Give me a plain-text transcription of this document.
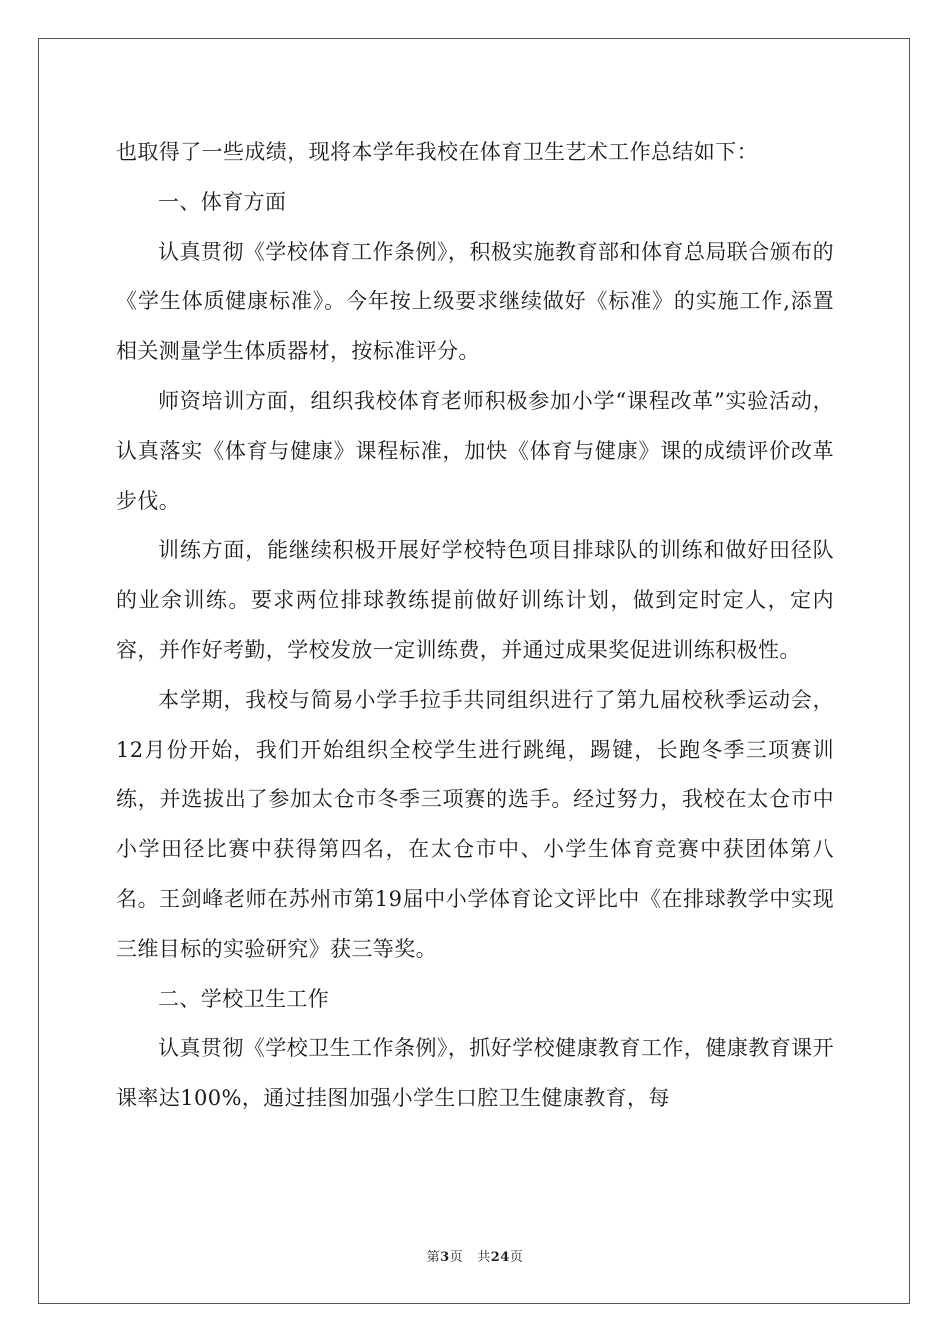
也取得了一些成绩，现将本学年我校在体育卫生艺术工作总结如下：

一、体育方面

认真贯彻《学校体育工作条例》，积极实施教育部和体育总局联合颁布的《学生体质健康标准》。今年按上级要求继续做好《标准》的实施工作,添置相关测量学生体质器材，按标准评分。

师资培训方面，组织我校体育老师积极参加小学“课程改革”实验活动，认真落实《体育与健康》课程标准，加快《体育与健康》课的成绩评价改革步伐。

训练方面，能继续积极开展好学校特色项目排球队的训练和做好田径队的业余训练。要求两位排球教练提前做好训练计划，做到定时定人，定内容，并作好考勤，学校发放一定训练费，并通过成果奖促进训练积极性。

本学期，我校与简易小学手拉手共同组织进行了第九届校秋季运动会，12月份开始，我们开始组织全校学生进行跳绳，踢键，长跑冬季三项赛训练，并选拔出了参加太仓市冬季三项赛的选手。经过努力，我校在太仓市中小学田径比赛中获得第四名，在太仓市中、小学生体育竞赛中获团体第八名。王剑峰老师在苏州市第19届中小学体育论文评比中《在排球教学中实现三维目标的实验研究》获三等奖。

二、学校卫生工作

认真贯彻《学校卫生工作条例》，抓好学校健康教育工作，健康教育课开课率达100%，通过挂图加强小学生口腔卫生健康教育，每

第3页 共24页
